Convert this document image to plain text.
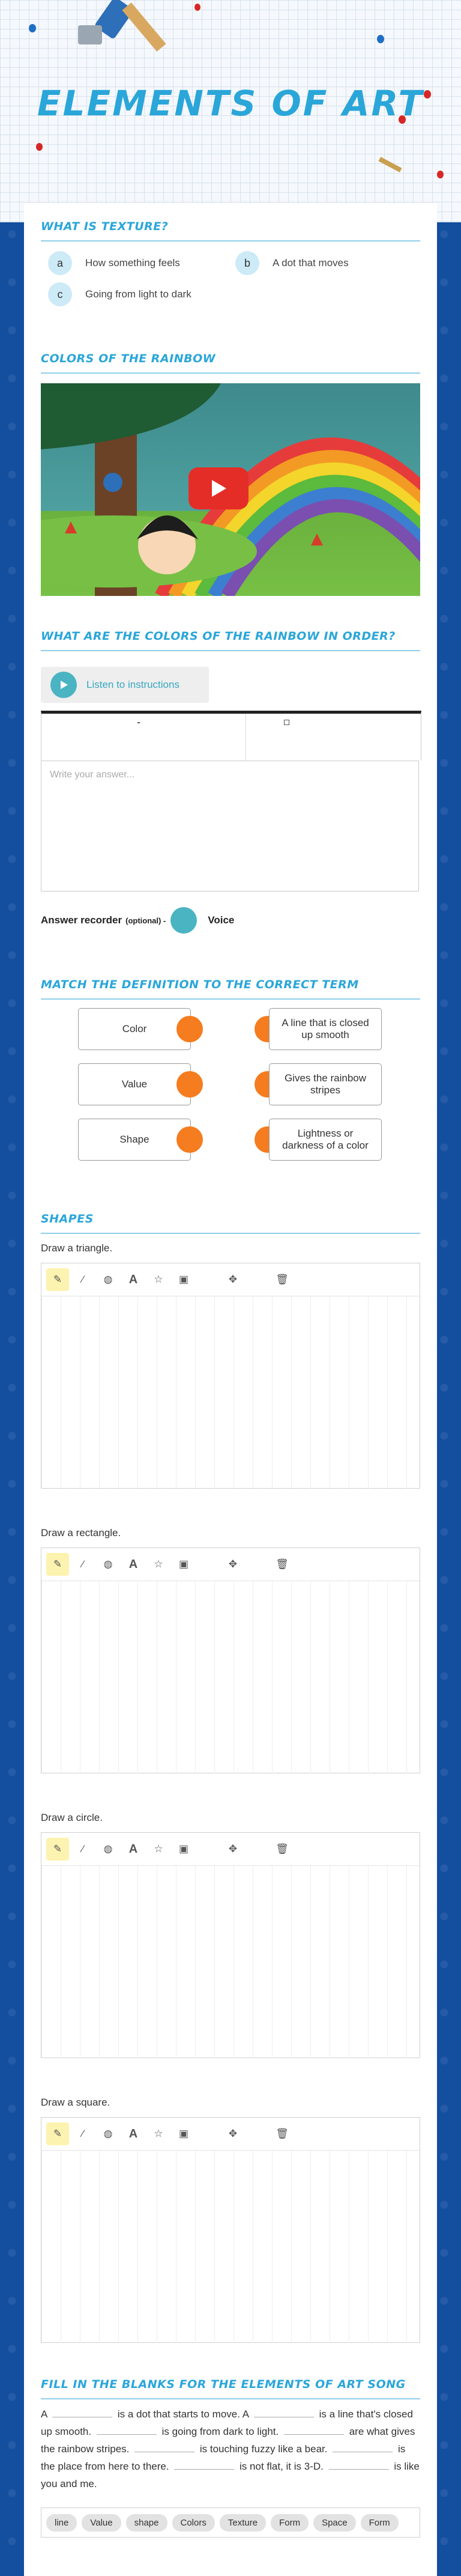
ELEMENTS OF ART
WHAT IS TEXTURE?
a	How something feels	b	A dot that moves
c	Going from light to dark
COLORS OF THE RAINBOW
WHAT ARE THE COLORS OF THE RAINBOW IN ORDER?
Listen to instructions
Write your answer...
Answer recorder (optional) -	Voice
MATCH THE DEFINITION TO THE CORRECT TERM
Color
Value
Shape
A line that is closed up smooth
Gives the rainbow stripes
Lightness or darkness of a color
SHAPES
Draw a triangle.
✎	⁄	◍	A	☆	▣	✥	🗑
Draw a rectangle.
✎	⁄	◍	A	☆	▣	✥	🗑
Draw a circle.
✎	⁄	◍	A	☆	▣	✥	🗑
Draw a square.
✎	⁄	◍	A	☆	▣	✥	🗑
FILL IN THE BLANKS FOR THE ELEMENTS OF ART SONG
A	is a dot that starts to move. A	is a line that's closed up smooth.	is going from dark to light.	are what gives the rainbow stripes.	is touching fuzzy like a bear.	is the place from here to there.	is not flat, it is 3-D.	is like you and me.
line	Value	shape	Colors	Texture	Form	Space	Form
